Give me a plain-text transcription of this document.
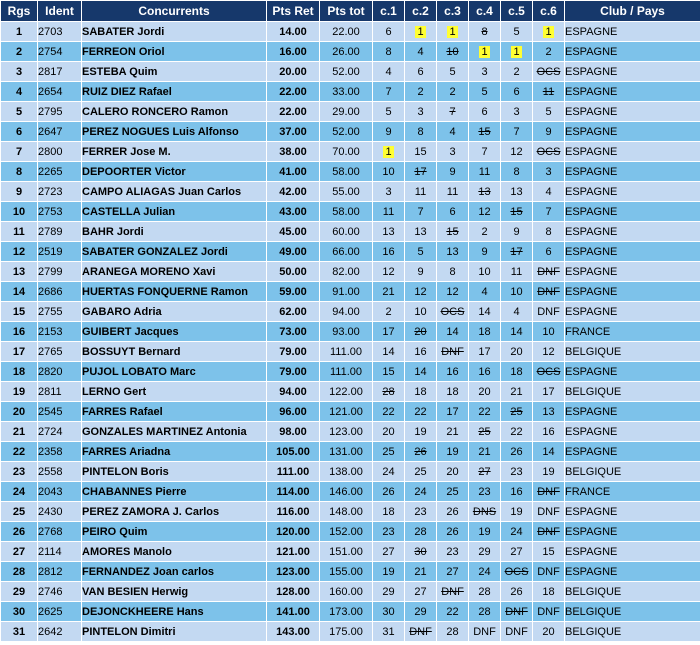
Rgs	Ident	Concurrents	Pts Ret	Pts tot	c.1	c.2	c.3	c.4	c.5	c.6	Club / Pays
1	2703	SABATER Jordi	14.00	22.00	6	1	1	8	5	1	ESPAGNE
2	2754	FERREON Oriol	16.00	26.00	8	4	10	1	1	2	ESPAGNE
3	2817	ESTEBA Quim	20.00	52.00	4	6	5	3	2	OCS	ESPAGNE
4	2654	RUIZ DIEZ Rafael	22.00	33.00	7	2	2	5	6	11	ESPAGNE
5	2795	CALERO RONCERO Ramon	22.00	29.00	5	3	7	6	3	5	ESPAGNE
6	2647	PEREZ NOGUES Luis Alfonso	37.00	52.00	9	8	4	15	7	9	ESPAGNE
7	2800	FERRER Jose M.	38.00	70.00	1	15	3	7	12	OCS	ESPAGNE
8	2265	DEPOORTER Victor	41.00	58.00	10	17	9	11	8	3	ESPAGNE
9	2723	CAMPO ALIAGAS Juan Carlos	42.00	55.00	3	11	11	13	13	4	ESPAGNE
10	2753	CASTELLA Julian	43.00	58.00	11	7	6	12	15	7	ESPAGNE
11	2789	BAHR Jordi	45.00	60.00	13	13	15	2	9	8	ESPAGNE
12	2519	SABATER GONZALEZ Jordi	49.00	66.00	16	5	13	9	17	6	ESPAGNE
13	2799	ARANEGA MORENO Xavi	50.00	82.00	12	9	8	10	11	DNF	ESPAGNE
14	2686	HUERTAS FONQUERNE Ramon	59.00	91.00	21	12	12	4	10	DNF	ESPAGNE
15	2755	GABARO Adria	62.00	94.00	2	10	OCS	14	4	DNF	ESPAGNE
16	2153	GUIBERT Jacques	73.00	93.00	17	20	14	18	14	10	FRANCE
17	2765	BOSSUYT Bernard	79.00	111.00	14	16	DNF	17	20	12	BELGIQUE
18	2820	PUJOL LOBATO Marc	79.00	111.00	15	14	16	16	18	OCS	ESPAGNE
19	2811	LERNO Gert	94.00	122.00	28	18	18	20	21	17	BELGIQUE
20	2545	FARRES Rafael	96.00	121.00	22	22	17	22	25	13	ESPAGNE
21	2724	GONZALES MARTINEZ Antonia	98.00	123.00	20	19	21	25	22	16	ESPAGNE
22	2358	FARRES Ariadna	105.00	131.00	25	26	19	21	26	14	ESPAGNE
23	2558	PINTELON Boris	111.00	138.00	24	25	20	27	23	19	BELGIQUE
24	2043	CHABANNES Pierre	114.00	146.00	26	24	25	23	16	DNF	FRANCE
25	2430	PEREZ ZAMORA J. Carlos	116.00	148.00	18	23	26	DNS	19	DNF	ESPAGNE
26	2768	PEIRO Quim	120.00	152.00	23	28	26	19	24	DNF	ESPAGNE
27	2114	AMORES Manolo	121.00	151.00	27	30	23	29	27	15	ESPAGNE
28	2812	FERNANDEZ Joan carlos	123.00	155.00	19	21	27	24	OCS	DNF	ESPAGNE
29	2746	VAN BESIEN Herwig	128.00	160.00	29	27	DNF	28	26	18	BELGIQUE
30	2625	DEJONCKHEERE Hans	141.00	173.00	30	29	22	28	DNF	DNF	BELGIQUE
31	2642	PINTELON Dimitri	143.00	175.00	31	DNF	28	DNF	DNF	20	BELGIQUE
